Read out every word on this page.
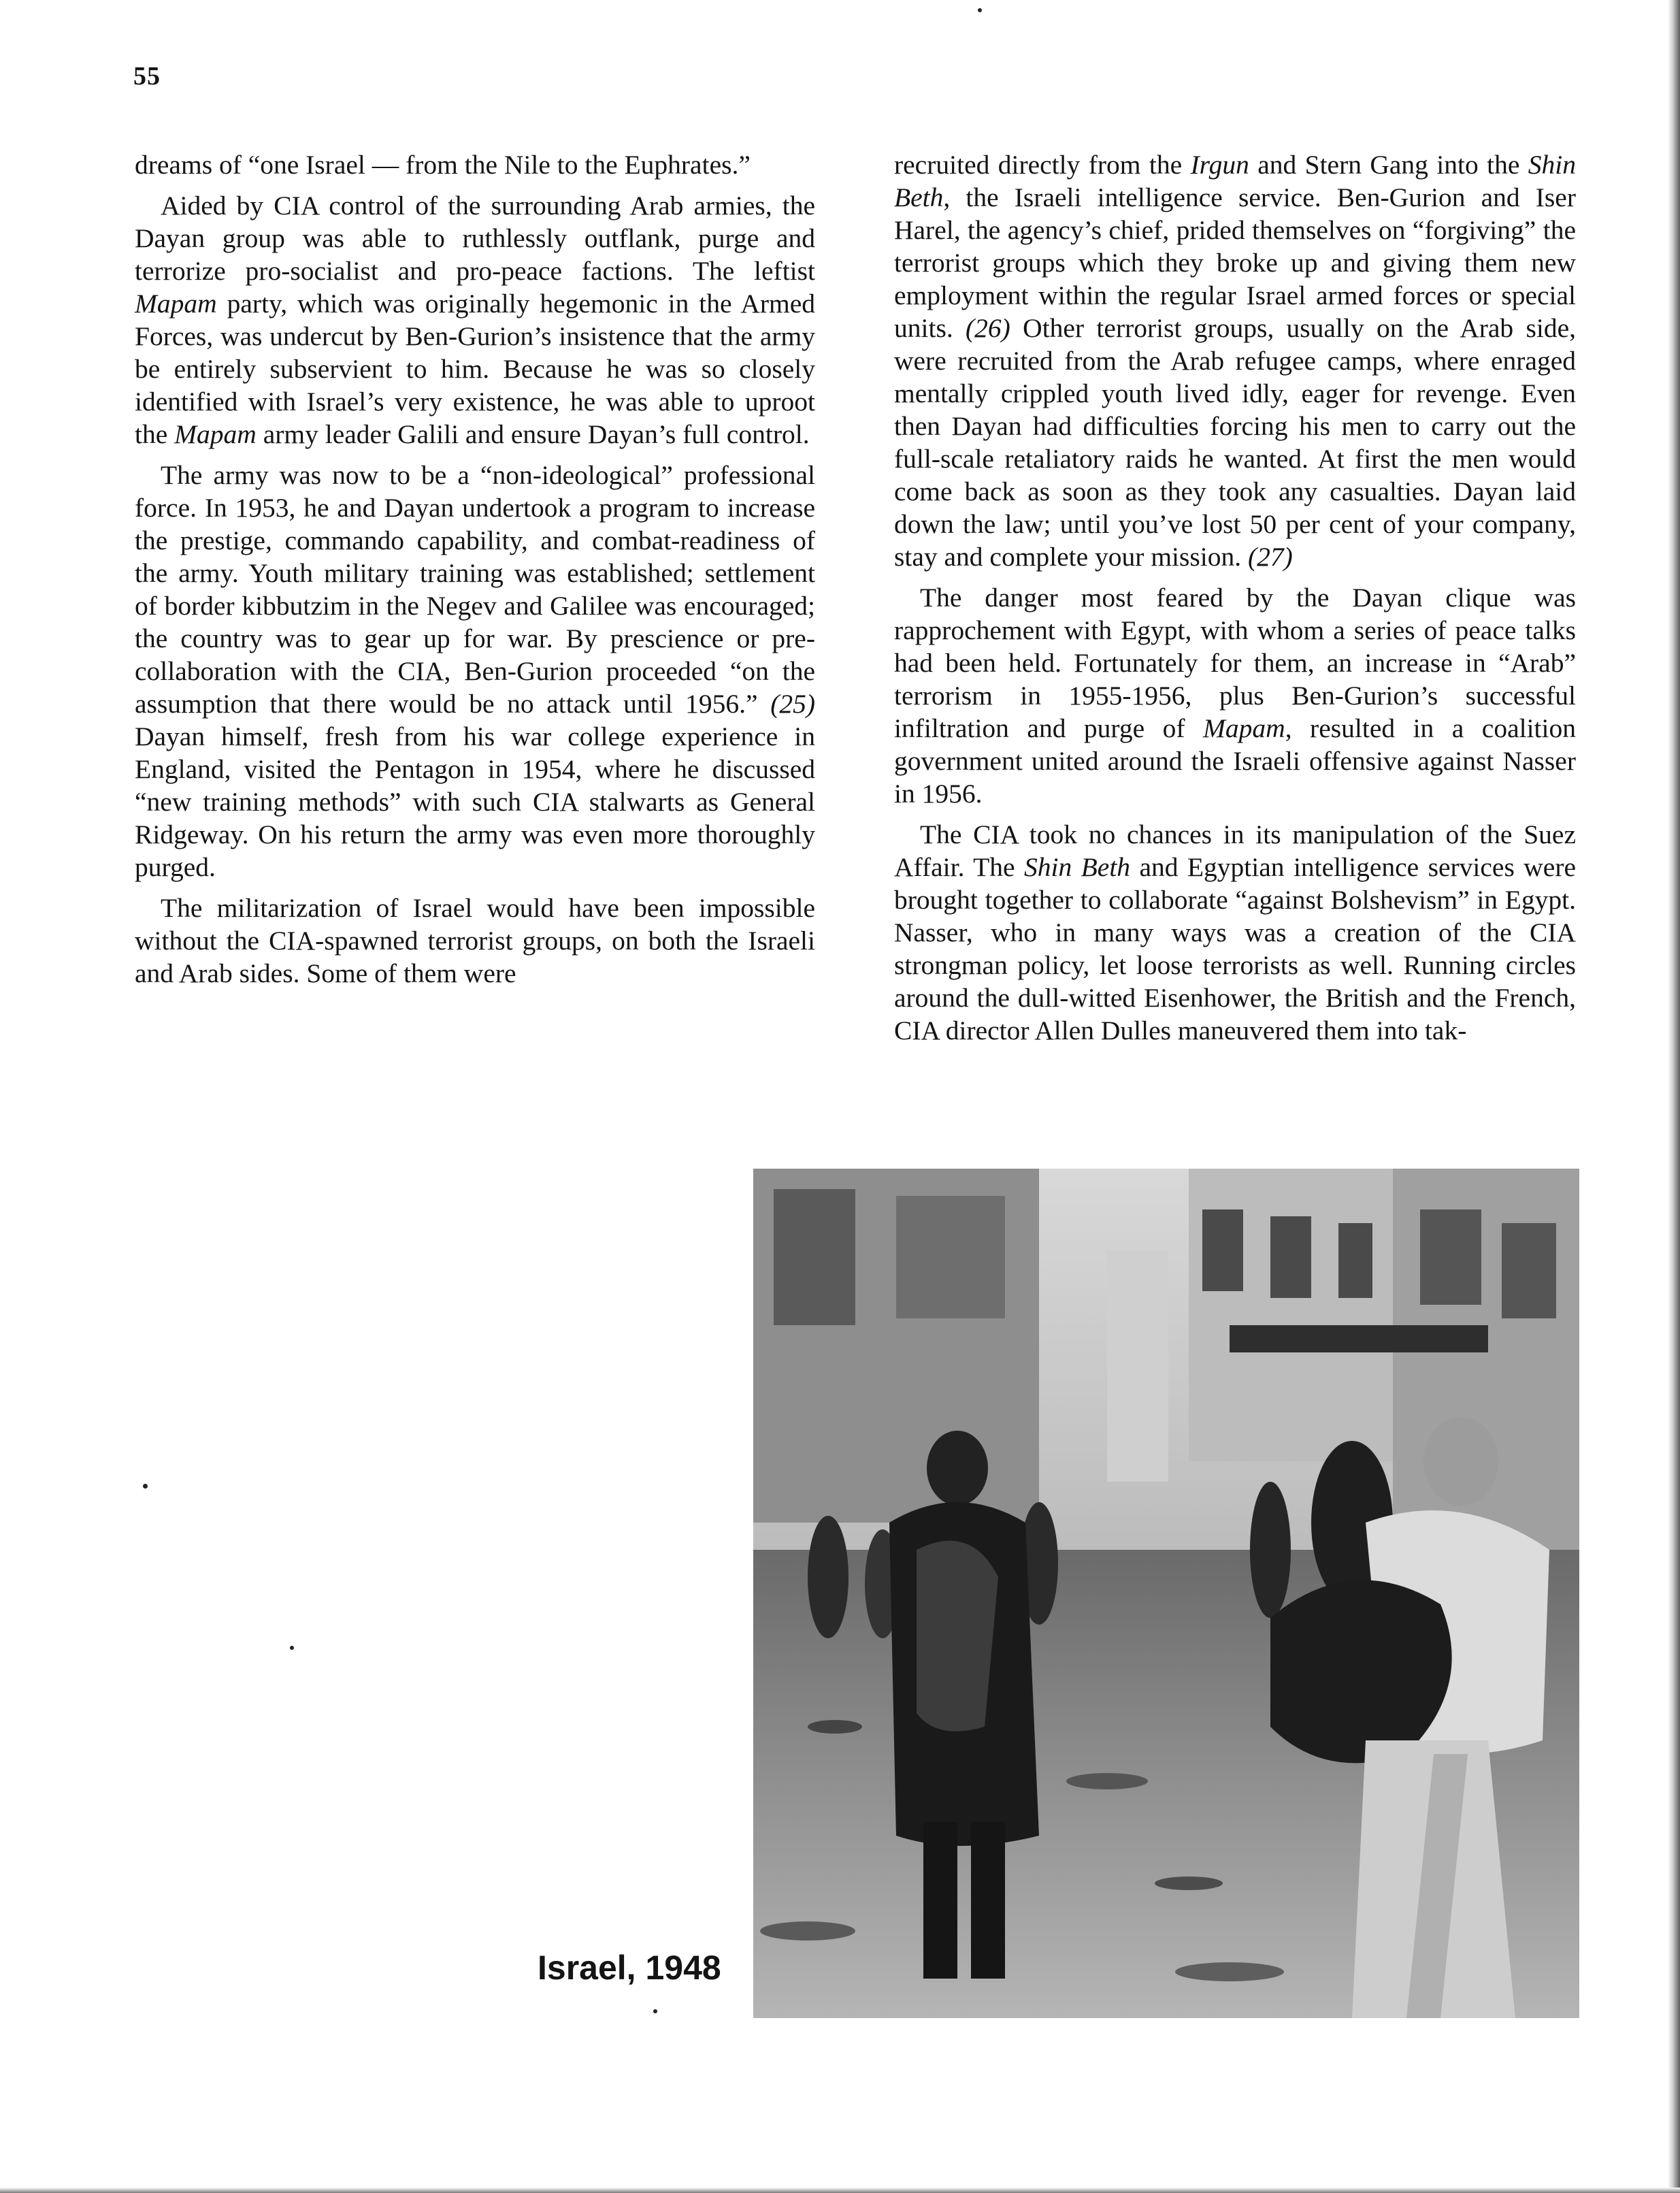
55

dreams of “one Israel — from the Nile to the Euphrates.”

Aided by CIA control of the surrounding Arab armies, the Dayan group was able to ruthlessly outflank, purge and terrorize pro-socialist and pro-peace factions. The leftist Mapam party, which was originally hegemonic in the Armed Forces, was undercut by Ben-Gurion’s insistence that the army be entirely subservient to him. Because he was so closely identified with Israel’s very existence, he was able to uproot the Mapam army leader Galili and ensure Dayan’s full control.

The army was now to be a “non-ideological” professional force. In 1953, he and Dayan undertook a program to increase the prestige, commando capability, and combat-readiness of the army. Youth military training was established; settlement of border kibbutzim in the Negev and Galilee was encouraged; the country was to gear up for war. By prescience or pre-collaboration with the CIA, Ben-Gurion proceeded “on the assumption that there would be no attack until 1956.” (25) Dayan himself, fresh from his war college experience in England, visited the Pentagon in 1954, where he discussed “new training methods” with such CIA stalwarts as General Ridgeway. On his return the army was even more thoroughly purged.

The militarization of Israel would have been impossible without the CIA-spawned terrorist groups, on both the Israeli and Arab sides. Some of them were

recruited directly from the Irgun and Stern Gang into the Shin Beth, the Israeli intelligence service. Ben-Gurion and Iser Harel, the agency’s chief, prided themselves on “forgiving” the terrorist groups which they broke up and giving them new employment within the regular Israel armed forces or special units. (26) Other terrorist groups, usually on the Arab side, were recruited from the Arab refugee camps, where enraged mentally crippled youth lived idly, eager for revenge. Even then Dayan had difficulties forcing his men to carry out the full-scale retaliatory raids he wanted. At first the men would come back as soon as they took any casualties. Dayan laid down the law; until you’ve lost 50 per cent of your company, stay and complete your mission. (27)

The danger most feared by the Dayan clique was rapprochement with Egypt, with whom a series of peace talks had been held. Fortunately for them, an increase in “Arab” terrorism in 1955-1956, plus Ben-Gurion’s successful infiltration and purge of Mapam, resulted in a coalition government united around the Israeli offensive against Nasser in 1956.

The CIA took no chances in its manipulation of the Suez Affair. The Shin Beth and Egyptian intelligence services were brought together to collaborate “against Bolshevism” in Egypt. Nasser, who in many ways was a creation of the CIA strongman policy, let loose terrorists as well. Running circles around the dull-witted Eisenhower, the British and the French, CIA director Allen Dulles maneuvered them into tak-

Israel, 1948
